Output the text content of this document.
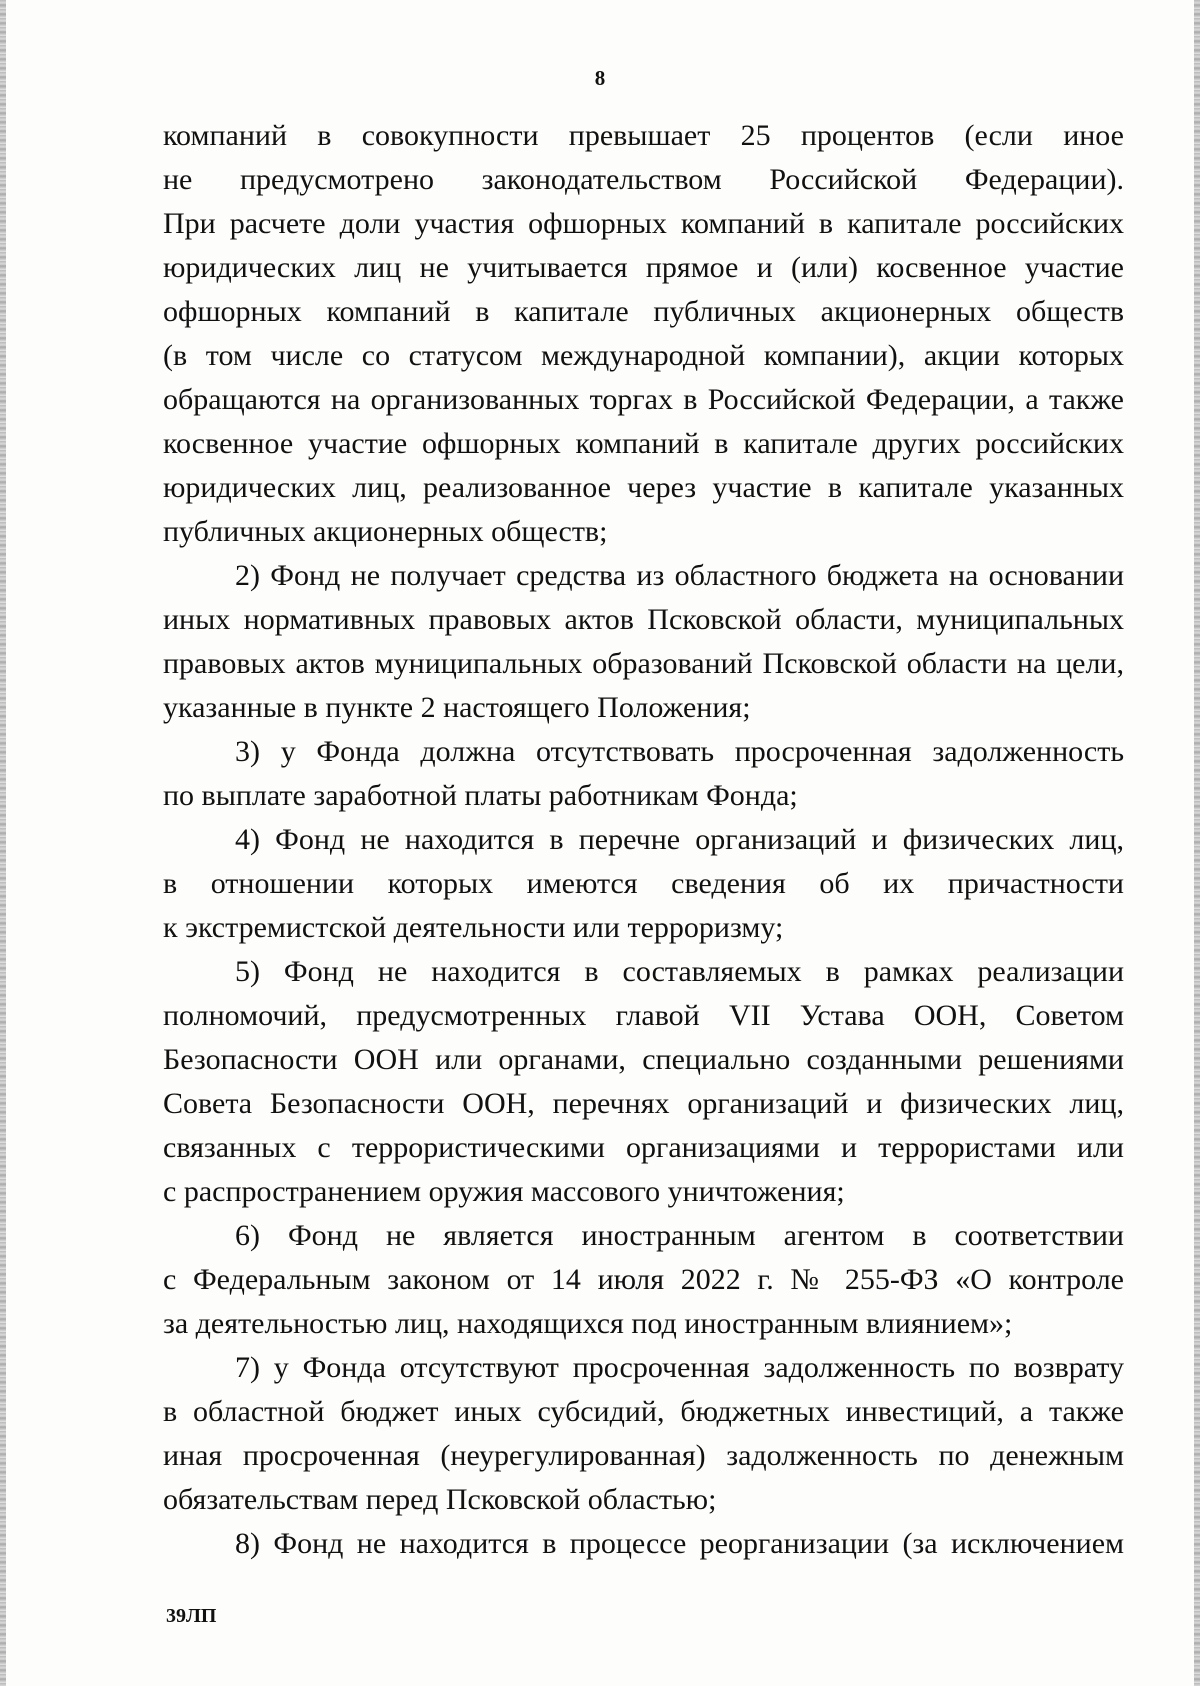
8
компаний в совокупности превышает 25 процентов (если иное
не предусмотрено законодательством Российской Федерации).
При расчете доли участия офшорных компаний в капитале российских
юридических лиц не учитывается прямое и (или) косвенное участие
офшорных компаний в капитале публичных акционерных обществ
(в том числе со статусом международной компании), акции которых
обращаются на организованных торгах в Российской Федерации, а также
косвенное участие офшорных компаний в капитале других российских
юридических лиц, реализованное через участие в капитале указанных
публичных акционерных обществ;
2) Фонд не получает средства из областного бюджета на основании
иных нормативных правовых актов Псковской области, муниципальных
правовых актов муниципальных образований Псковской области на цели,
указанные в пункте 2 настоящего Положения;
3) у Фонда должна отсутствовать просроченная задолженность
по выплате заработной платы работникам Фонда;
4) Фонд не находится в перечне организаций и физических лиц,
в отношении которых имеются сведения об их причастности
к экстремистской деятельности или терроризму;
5) Фонд не находится в составляемых в рамках реализации
полномочий, предусмотренных главой VII Устава ООН, Советом
Безопасности ООН или органами, специально созданными решениями
Совета Безопасности ООН, перечнях организаций и физических лиц,
связанных с террористическими организациями и террористами или
с распространением оружия массового уничтожения;
6) Фонд не является иностранным агентом в соответствии
с Федеральным законом от 14 июля 2022 г. № 255-ФЗ «О контроле
за деятельностью лиц, находящихся под иностранным влиянием»;
7) у Фонда отсутствуют просроченная задолженность по возврату
в областной бюджет иных субсидий, бюджетных инвестиций, а также
иная просроченная (неурегулированная) задолженность по денежным
обязательствам перед Псковской областью;
8) Фонд не находится в процессе реорганизации (за исключением
39ЛП
